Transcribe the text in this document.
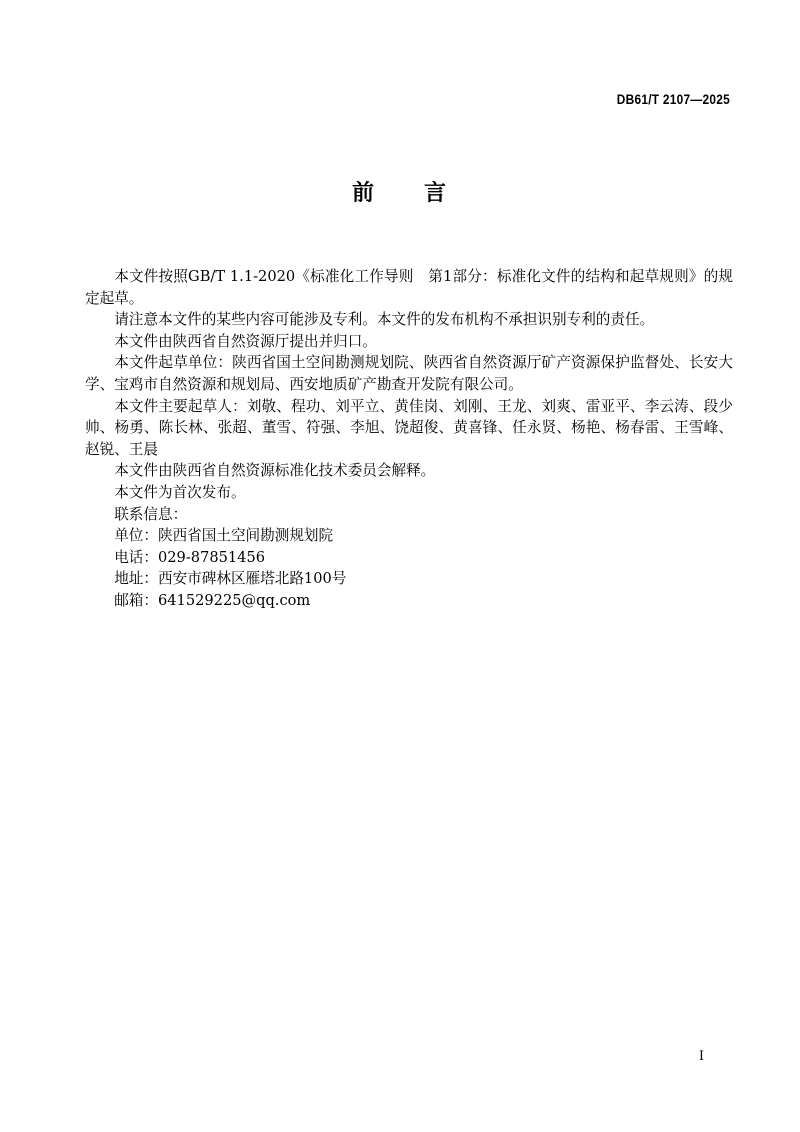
DB61/T 2107—2025
前　　言

本文件按照GB/T 1.1-2020《标准化工作导则　第1部分：标准化文件的结构和起草规则》的规定起草。

请注意本文件的某些内容可能涉及专利。本文件的发布机构不承担识别专利的责任。

本文件由陕西省自然资源厅提出并归口。

本文件起草单位：陕西省国土空间勘测规划院、陕西省自然资源厅矿产资源保护监督处、长安大学、宝鸡市自然资源和规划局、西安地质矿产勘查开发院有限公司。

本文件主要起草人：刘敬、程功、刘平立、黄佳岗、刘刚、王龙、刘爽、雷亚平、李云涛、段少帅、杨勇、陈长林、张超、董雪、符强、李旭、饶超俊、黄喜锋、任永贤、杨艳、杨春雷、王雪峰、赵锐、王晨

本文件由陕西省自然资源标准化技术委员会解释。

本文件为首次发布。

联系信息：

单位：陕西省国土空间勘测规划院

电话：029-87851456

地址：西安市碑林区雁塔北路100号

邮箱：641529225@qq.com

I
